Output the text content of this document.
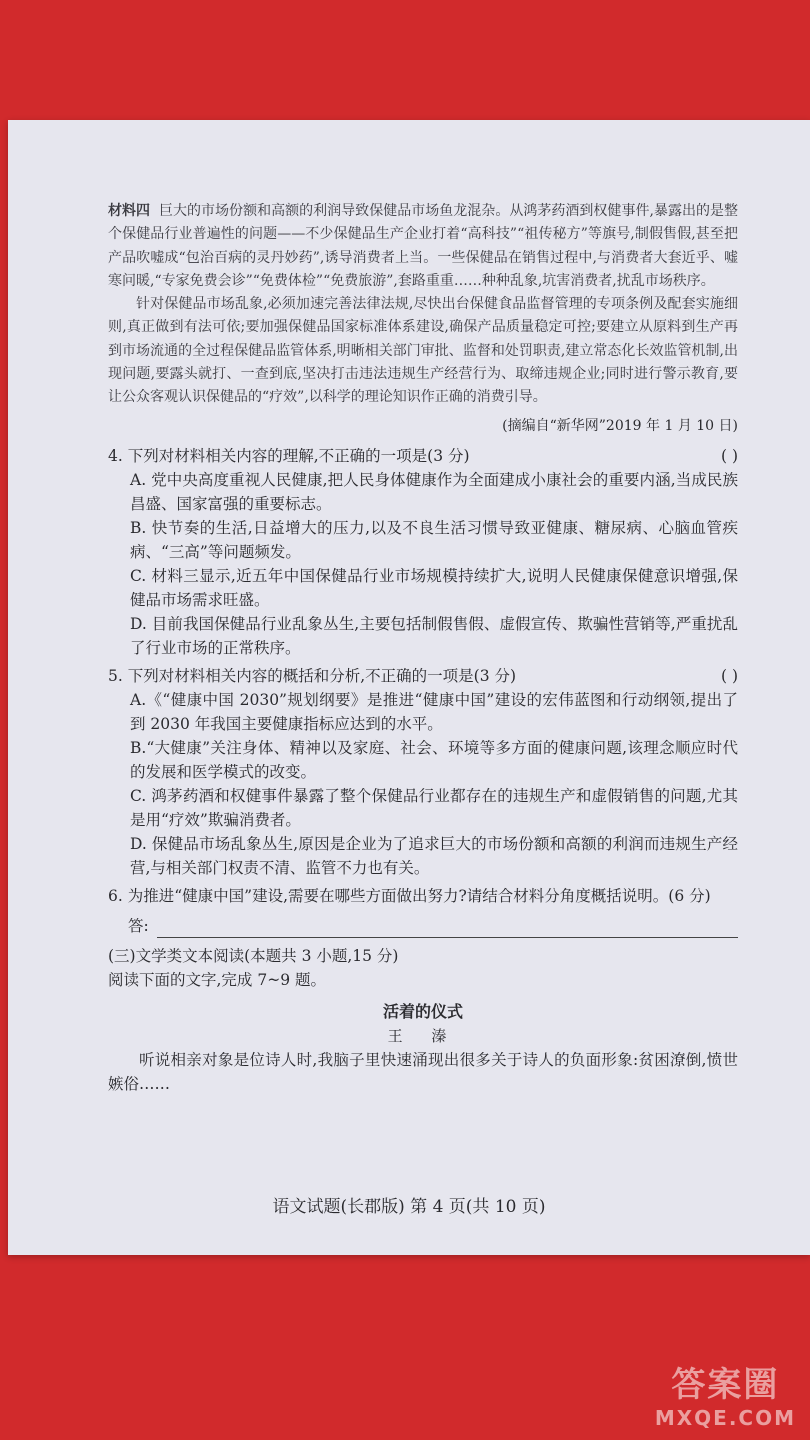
材料四 巨大的市场份额和高额的利润导致保健品市场鱼龙混杂。从鸿茅药酒到权健事件,暴露出的是整个保健品行业普遍性的问题——不少保健品生产企业打着“高科技”“祖传秘方”等旗号,制假售假,甚至把产品吹嘘成“包治百病的灵丹妙药”,诱导消费者上当。一些保健品在销售过程中,与消费者大套近乎、嘘寒问暖,“专家免费会诊”“免费体检”“免费旅游”,套路重重……种种乱象,坑害消费者,扰乱市场秩序。

针对保健品市场乱象,必须加速完善法律法规,尽快出台保健食品监督管理的专项条例及配套实施细则,真正做到有法可依;要加强保健品国家标准体系建设,确保产品质量稳定可控;要建立从原料到生产再到市场流通的全过程保健品监管体系,明晰相关部门审批、监督和处罚职责,建立常态化长效监管机制,出现问题,要露头就打、一查到底,坚决打击违法违规生产经营行为、取缔违规企业;同时进行警示教育,要让公众客观认识保健品的“疗效”,以科学的理论知识作正确的消费引导。

(摘编自“新华网”2019 年 1 月 10 日)
4. 下列对材料相关内容的理解,不正确的一项是(3 分)	( )

A. 党中央高度重视人民健康,把人民身体健康作为全面建成小康社会的重要内涵,当成民族昌盛、国家富强的重要标志。

B. 快节奏的生活,日益增大的压力,以及不良生活习惯导致亚健康、糖尿病、心脑血管疾病、“三高”等问题频发。

C. 材料三显示,近五年中国保健品行业市场规模持续扩大,说明人民健康保健意识增强,保健品市场需求旺盛。

D. 目前我国保健品行业乱象丛生,主要包括制假售假、虚假宣传、欺骗性营销等,严重扰乱了行业市场的正常秩序。

5. 下列对材料相关内容的概括和分析,不正确的一项是(3 分)	( )

A.《“健康中国 2030”规划纲要》是推进“健康中国”建设的宏伟蓝图和行动纲领,提出了到 2030 年我国主要健康指标应达到的水平。

B.“大健康”关注身体、精神以及家庭、社会、环境等多方面的健康问题,该理念顺应时代的发展和医学模式的改变。

C. 鸿茅药酒和权健事件暴露了整个保健品行业都存在的违规生产和虚假销售的问题,尤其是用“疗效”欺骗消费者。

D. 保健品市场乱象丛生,原因是企业为了追求巨大的市场份额和高额的利润而违规生产经营,与相关部门权责不清、监管不力也有关。

6. 为推进“健康中国”建设,需要在哪些方面做出努力?请结合材料分角度概括说明。(6 分)

答:

(三)文学类文本阅读(本题共 3 小题,15 分)

阅读下面的文字,完成 7~9 题。

活着的仪式
王 溱

听说相亲对象是位诗人时,我脑子里快速涌现出很多关于诗人的负面形象:贫困潦倒,愤世嫉俗……

语文试题(长郡版) 第 4 页(共 10 页)
答案圈
MXQE.COM
